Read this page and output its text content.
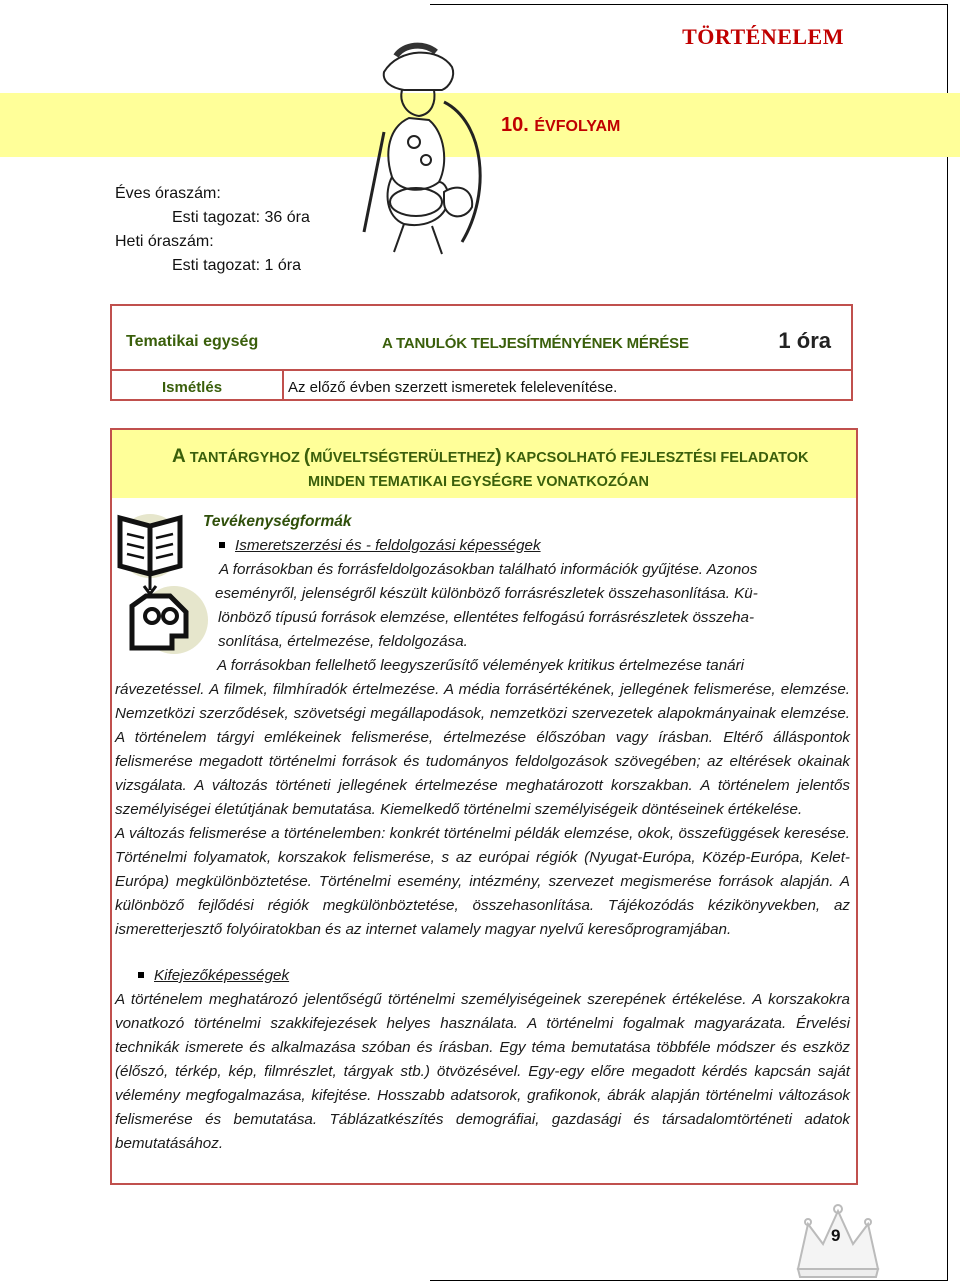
TÖRTÉNELEM
10. ÉVFOLYAM
Éves óraszám:
Esti tagozat: 36 óra
Heti óraszám:
Esti tagozat: 1 óra
Tematikai egység	A TANULÓK TELJESÍTMÉNYÉNEK MÉRÉSE	1 óra
Ismétlés	Az előző évben szerzett ismeretek felelevenítése.
A TANTÁRGYHOZ (MŰVELTSÉGTERÜLETHEZ) KAPCSOLHATÓ FEJLESZTÉSI FELADATOK
MINDEN TEMATIKAI EGYSÉGRE VONATKOZÓAN

Tevékenységformák

Ismeretszerzési és - feldolgozási képességek

A forrásokban és forrásfeldolgozásokban található információk gyűjtése. Azonos

eseményről, jelenségről készült különböző forrásrészletek összehasonlítása. Kü-

lönböző típusú források elemzése, ellentétes felfogású forrásrészletek összeha-

sonlítása, értelmezése, feldolgozása.

A forrásokban fellelhető leegyszerűsítő vélemények kritikus értelmezése tanári

rávezetéssel. A filmek, filmhíradók értelmezése. A média forrásértékének, jellegének felismerése, elemzése. Nemzetközi szerződések, szövetségi megállapodások, nemzetközi szervezetek alapokmányainak elemzése. A történelem tárgyi emlékeinek felismerése, értelmezése élőszóban vagy írásban. Eltérő álláspontok felismerése megadott történelmi források és tudományos feldolgozások szövegében; az eltérések okainak vizsgálata. A változás történeti jellegének értelmezése meghatározott korszakban. A történelem jelentős személyiségei életútjának bemutatása. Kiemelkedő történelmi személyiségeik döntéseinek értékelése.

A változás felismerése a történelemben: konkrét történelmi példák elemzése, okok, összefüggések keresése. Történelmi folyamatok, korszakok felismerése, s az európai régiók (Nyugat-Európa, Közép-Európa, Kelet-Európa) megkülönböztetése. Történelmi esemény, intézmény, szervezet megismerése források alapján. A különböző fejlődési régiók megkülönböztetése, összehasonlítása. Tájékozódás kézikönyvekben, az ismeretterjesztő folyóiratokban és az internet valamely magyar nyelvű keresőprogramjában.

Kifejezőképességek

A történelem meghatározó jelentőségű történelmi személyiségeinek szerepének értékelése. A korszakokra vonatkozó történelmi szakkifejezések helyes használata. A történelmi fogalmak magyarázata. Érvelési technikák ismerete és alkalmazása szóban és írásban. Egy téma bemutatása többféle módszer és eszköz (élőszó, térkép, kép, filmrészlet, tárgyak stb.) ötvözésével. Egy-egy előre megadott kérdés kapcsán saját vélemény megfogalmazása, kifejtése. Hosszabb adatsorok, grafikonok, ábrák alapján történelmi változások felismerése és bemutatása. Táblázatkészítés demográfiai, gazdasági és társadalomtörténeti adatok bemutatásához.

9
